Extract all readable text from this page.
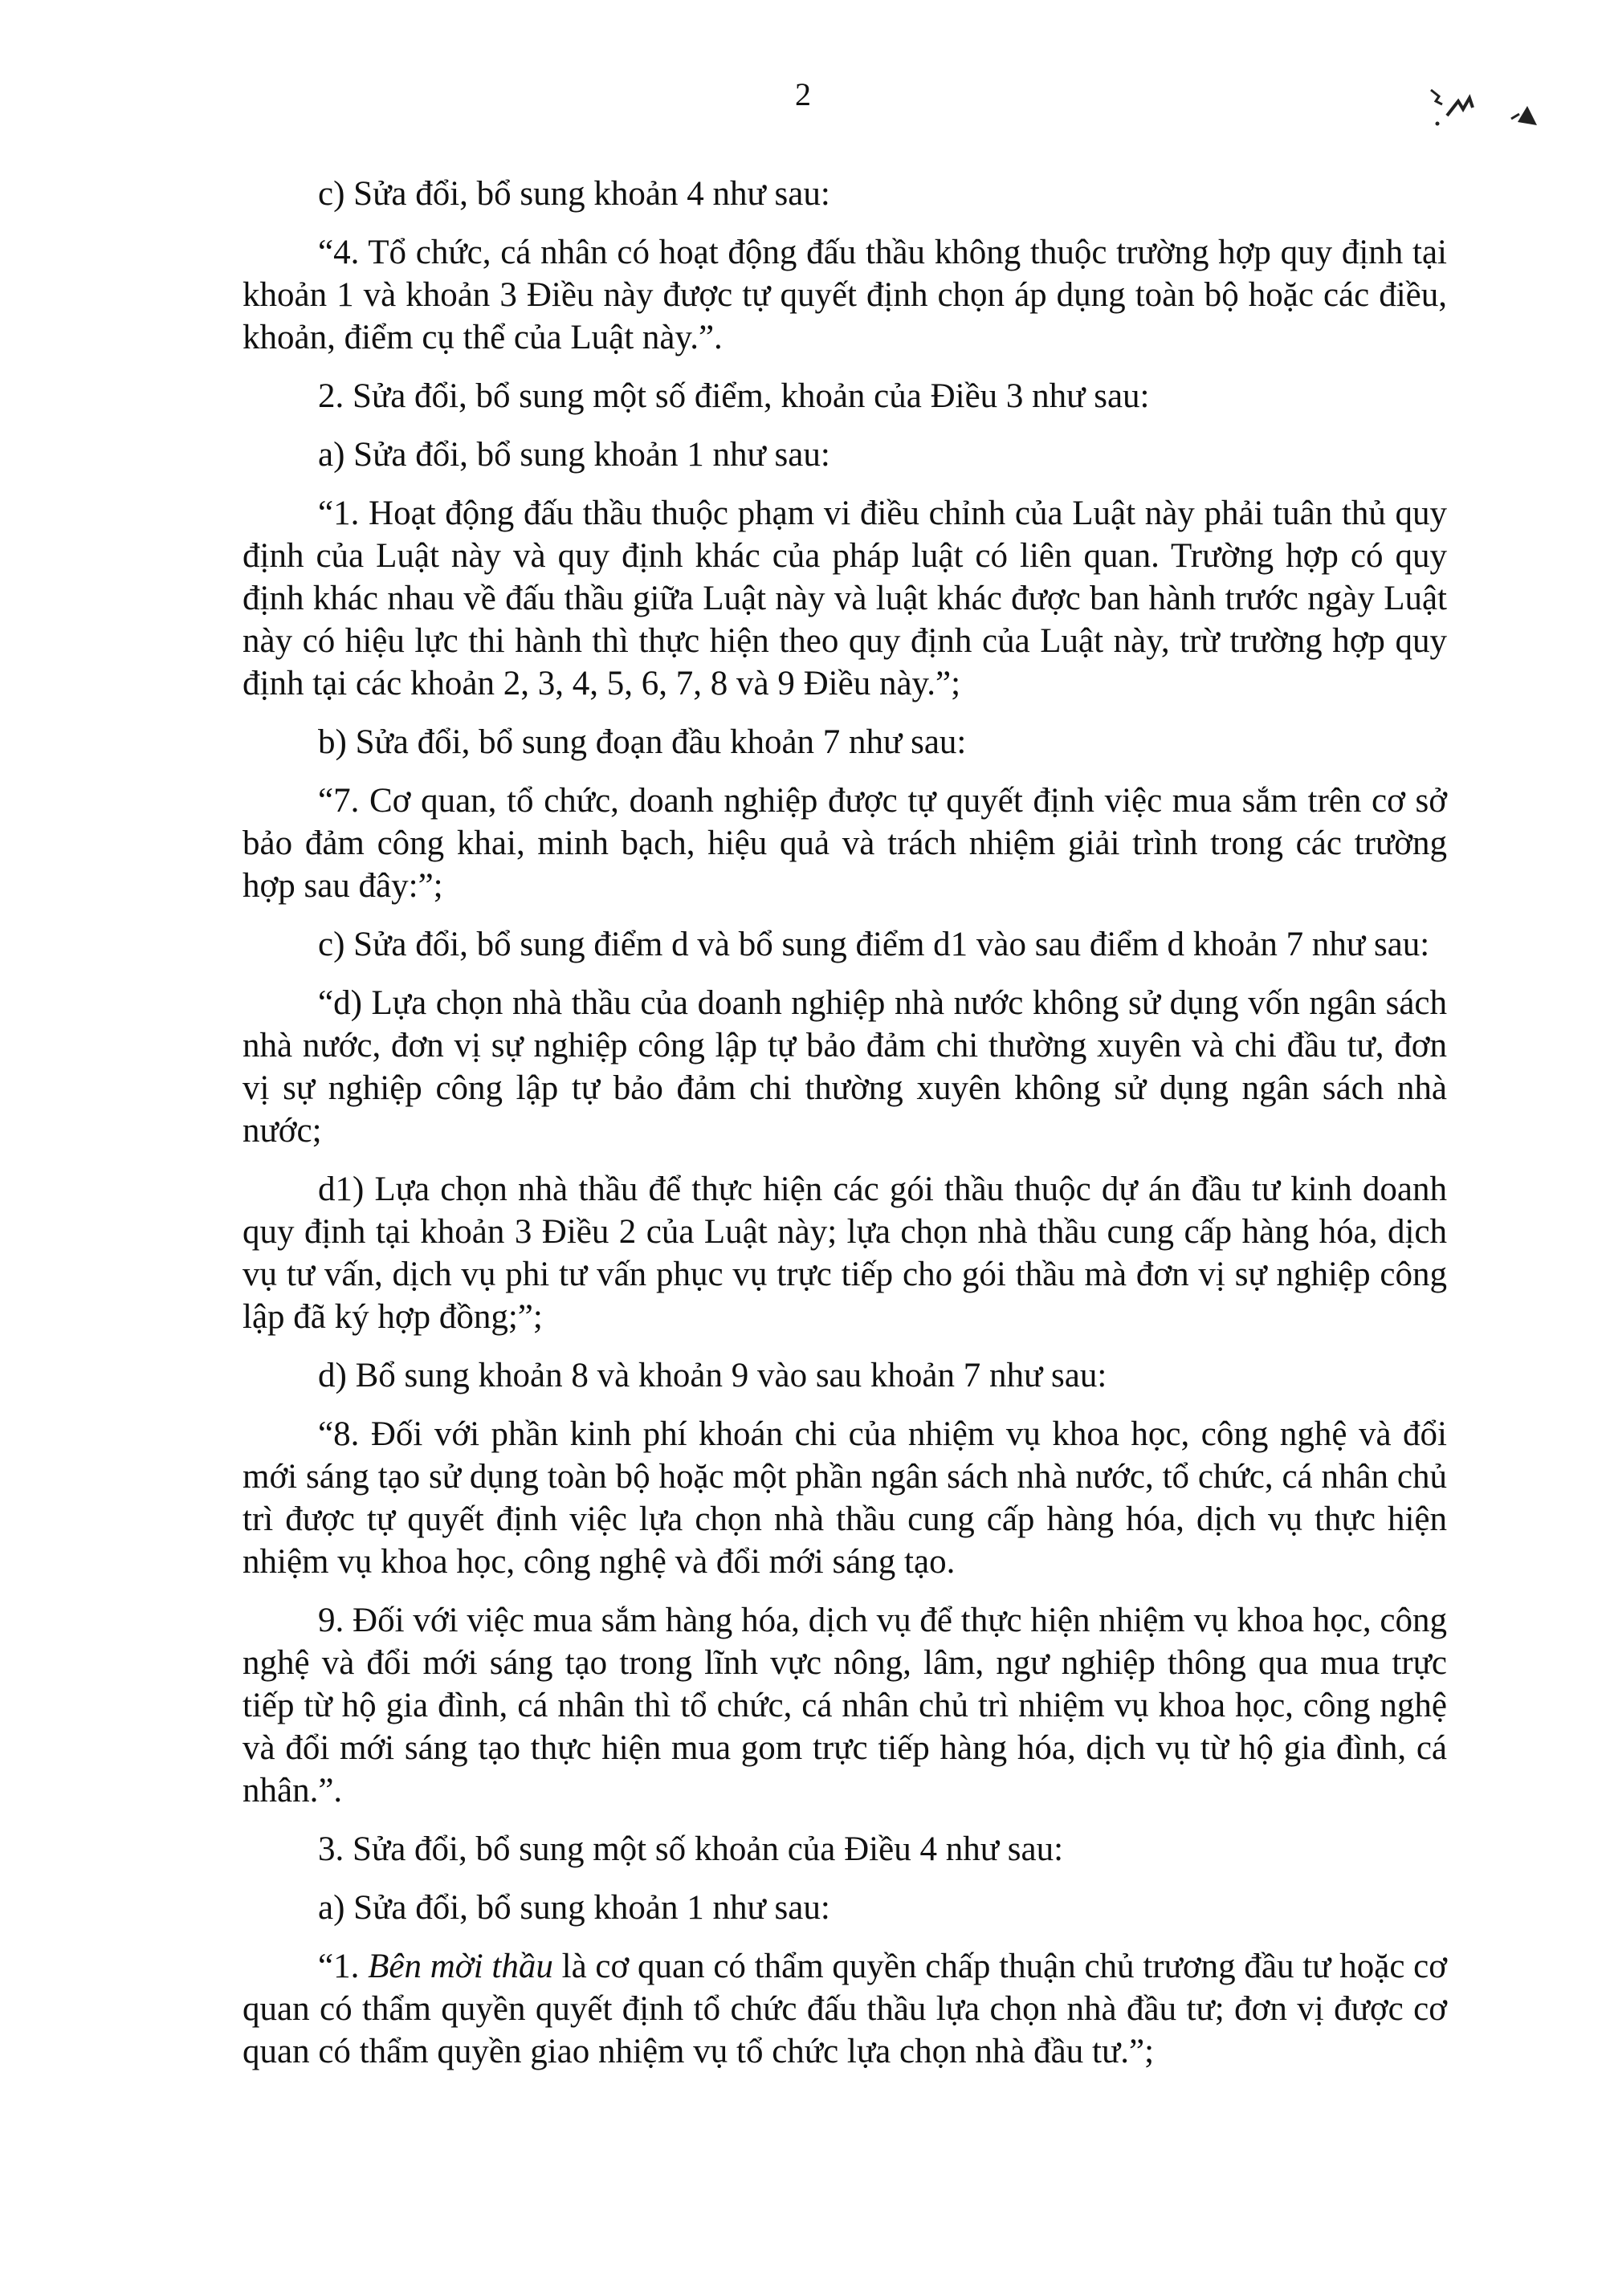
2

c) Sửa đổi, bổ sung khoản 4 như sau:

“4. Tổ chức, cá nhân có hoạt động đấu thầu không thuộc trường hợp quy định tại khoản 1 và khoản 3 Điều này được tự quyết định chọn áp dụng toàn bộ hoặc các điều, khoản, điểm cụ thể của Luật này.”.

2. Sửa đổi, bổ sung một số điểm, khoản của Điều 3 như sau:

a) Sửa đổi, bổ sung khoản 1 như sau:

“1. Hoạt động đấu thầu thuộc phạm vi điều chỉnh của Luật này phải tuân thủ quy định của Luật này và quy định khác của pháp luật có liên quan. Trường hợp có quy định khác nhau về đấu thầu giữa Luật này và luật khác được ban hành trước ngày Luật này có hiệu lực thi hành thì thực hiện theo quy định của Luật này, trừ trường hợp quy định tại các khoản 2, 3, 4, 5, 6, 7, 8 và 9 Điều này.”;

b) Sửa đổi, bổ sung đoạn đầu khoản 7 như sau:

“7. Cơ quan, tổ chức, doanh nghiệp được tự quyết định việc mua sắm trên cơ sở bảo đảm công khai, minh bạch, hiệu quả và trách nhiệm giải trình trong các trường hợp sau đây:”;

c) Sửa đổi, bổ sung điểm d và bổ sung điểm d1 vào sau điểm d khoản 7 như sau:

“d) Lựa chọn nhà thầu của doanh nghiệp nhà nước không sử dụng vốn ngân sách nhà nước, đơn vị sự nghiệp công lập tự bảo đảm chi thường xuyên và chi đầu tư, đơn vị sự nghiệp công lập tự bảo đảm chi thường xuyên không sử dụng ngân sách nhà nước;

d1) Lựa chọn nhà thầu để thực hiện các gói thầu thuộc dự án đầu tư kinh doanh quy định tại khoản 3 Điều 2 của Luật này; lựa chọn nhà thầu cung cấp hàng hóa, dịch vụ tư vấn, dịch vụ phi tư vấn phục vụ trực tiếp cho gói thầu mà đơn vị sự nghiệp công lập đã ký hợp đồng;”;

d) Bổ sung khoản 8 và khoản 9 vào sau khoản 7 như sau:

“8. Đối với phần kinh phí khoán chi của nhiệm vụ khoa học, công nghệ và đổi mới sáng tạo sử dụng toàn bộ hoặc một phần ngân sách nhà nước, tổ chức, cá nhân chủ trì được tự quyết định việc lựa chọn nhà thầu cung cấp hàng hóa, dịch vụ thực hiện nhiệm vụ khoa học, công nghệ và đổi mới sáng tạo.

9. Đối với việc mua sắm hàng hóa, dịch vụ để thực hiện nhiệm vụ khoa học, công nghệ và đổi mới sáng tạo trong lĩnh vực nông, lâm, ngư nghiệp thông qua mua trực tiếp từ hộ gia đình, cá nhân thì tổ chức, cá nhân chủ trì nhiệm vụ khoa học, công nghệ và đổi mới sáng tạo thực hiện mua gom trực tiếp hàng hóa, dịch vụ từ hộ gia đình, cá nhân.”.

3. Sửa đổi, bổ sung một số khoản của Điều 4 như sau:

a) Sửa đổi, bổ sung khoản 1 như sau:

“1. Bên mời thầu là cơ quan có thẩm quyền chấp thuận chủ trương đầu tư hoặc cơ quan có thẩm quyền quyết định tổ chức đấu thầu lựa chọn nhà đầu tư; đơn vị được cơ quan có thẩm quyền giao nhiệm vụ tổ chức lựa chọn nhà đầu tư.”;
